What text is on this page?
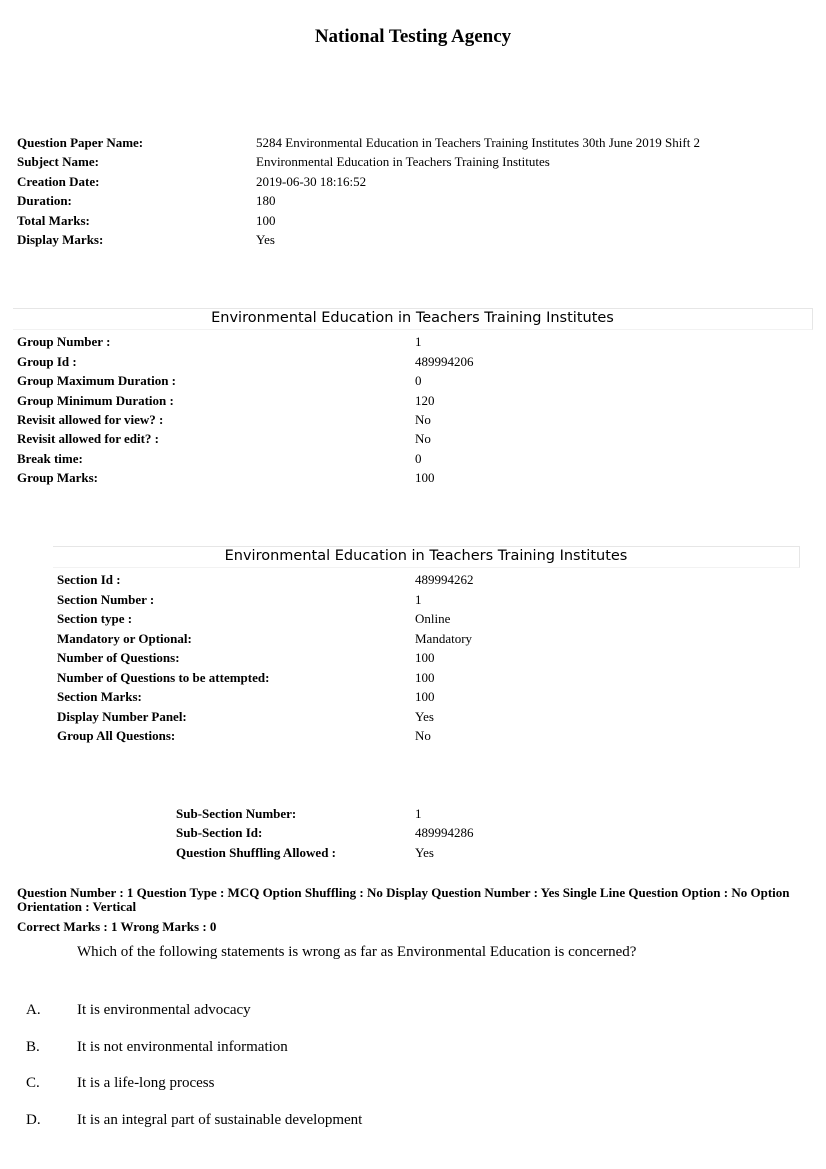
National Testing Agency
Question Paper Name:	5284 Environmental Education in Teachers Training Institutes 30th June 2019 Shift 2
Subject Name:	Environmental Education in Teachers Training Institutes
Creation Date:	2019-06-30 18:16:52
Duration:	180
Total Marks:	100
Display Marks:	Yes
Environmental Education in Teachers Training Institutes
Group Number :	1
Group Id :	489994206
Group Maximum Duration :	0
Group Minimum Duration :	120
Revisit allowed for view? :	No
Revisit allowed for edit? :	No
Break time:	0
Group Marks:	100
Environmental Education in Teachers Training Institutes
Section Id :	489994262
Section Number :	1
Section type :	Online
Mandatory or Optional:	Mandatory
Number of Questions:	100
Number of Questions to be attempted:	100
Section Marks:	100
Display Number Panel:	Yes
Group All Questions:	No
Sub-Section Number:	1
Sub-Section Id:	489994286
Question Shuffling Allowed :	Yes
Question Number : 1 Question Type : MCQ Option Shuffling : No Display Question Number : Yes Single Line Question Option : No Option Orientation : Vertical
Correct Marks : 1 Wrong Marks : 0
Which of the following statements is wrong as far as Environmental Education is concerned?
A. It is environmental advocacy
B. It is not environmental information
C. It is a life-long process
D. It is an integral part of sustainable development
